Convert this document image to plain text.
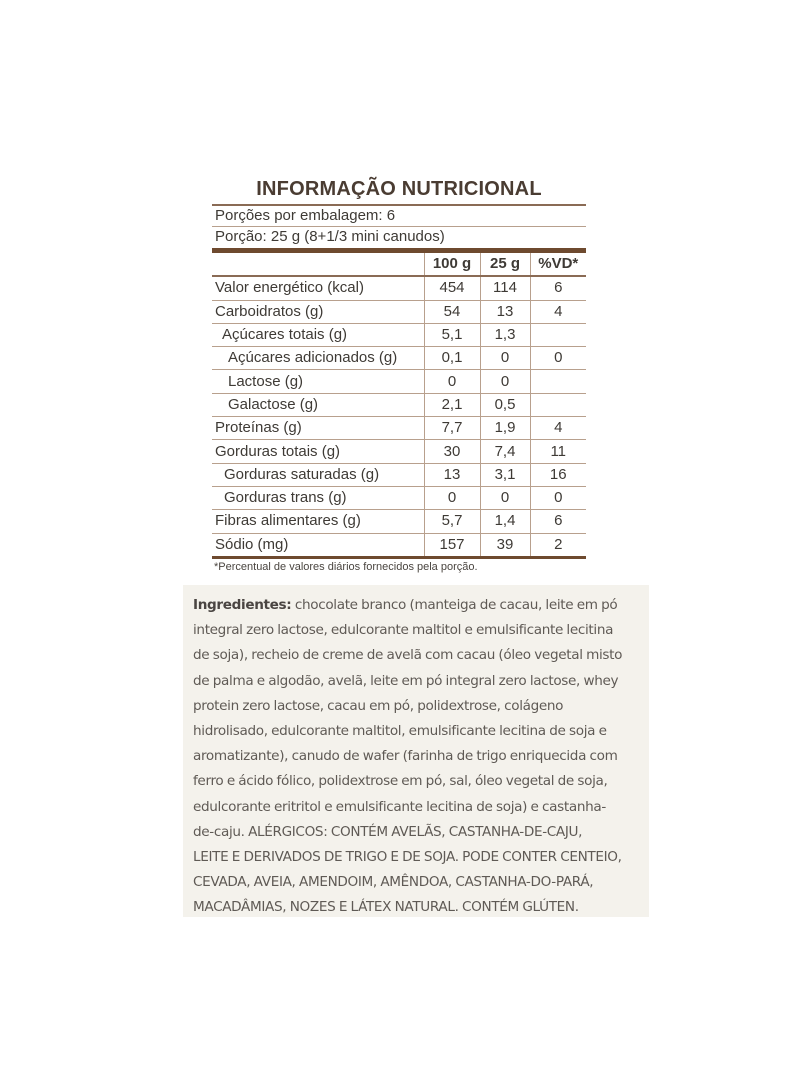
INFORMAÇÃO NUTRICIONAL
Porções por embalagem: 6
Porção: 25 g (8+1/3 mini canudos)
	100 g	25 g	%VD*
Valor energético (kcal)	454	114	6
Carboidratos (g)	54	13	4
Açúcares totais (g)	5,1	1,3	
Açúcares adicionados (g)	0,1	0	0
Lactose (g)	0	0	
Galactose (g)	2,1	0,5	
Proteínas (g)	7,7	1,9	4
Gorduras totais (g)	30	7,4	11
Gorduras saturadas (g)	13	3,1	16
Gorduras trans (g)	0	0	0
Fibras alimentares (g)	5,7	1,4	6
Sódio (mg)	157	39	2
*Percentual de valores diários fornecidos pela porção.
Ingredientes: chocolate branco (manteiga de cacau, leite em pó
integral zero lactose, edulcorante maltitol e emulsificante lecitina
de soja), recheio de creme de avelã com cacau (óleo vegetal misto
de palma e algodão, avelã, leite em pó integral zero lactose, whey
protein zero lactose, cacau em pó, polidextrose, colágeno
hidrolisado, edulcorante maltitol, emulsificante lecitina de soja e
aromatizante), canudo de wafer (farinha de trigo enriquecida com
ferro e ácido fólico, polidextrose em pó, sal, óleo vegetal de soja,
edulcorante eritritol e emulsificante lecitina de soja) e castanha-
de-caju. ALÉRGICOS: CONTÉM AVELÃS, CASTANHA-DE-CAJU,
LEITE E DERIVADOS DE TRIGO E DE SOJA. PODE CONTER CENTEIO,
CEVADA, AVEIA, AMENDOIM, AMÊNDOA, CASTANHA-DO-PARÁ,
MACADÂMIAS, NOZES E LÁTEX NATURAL. CONTÉM GLÚTEN.
